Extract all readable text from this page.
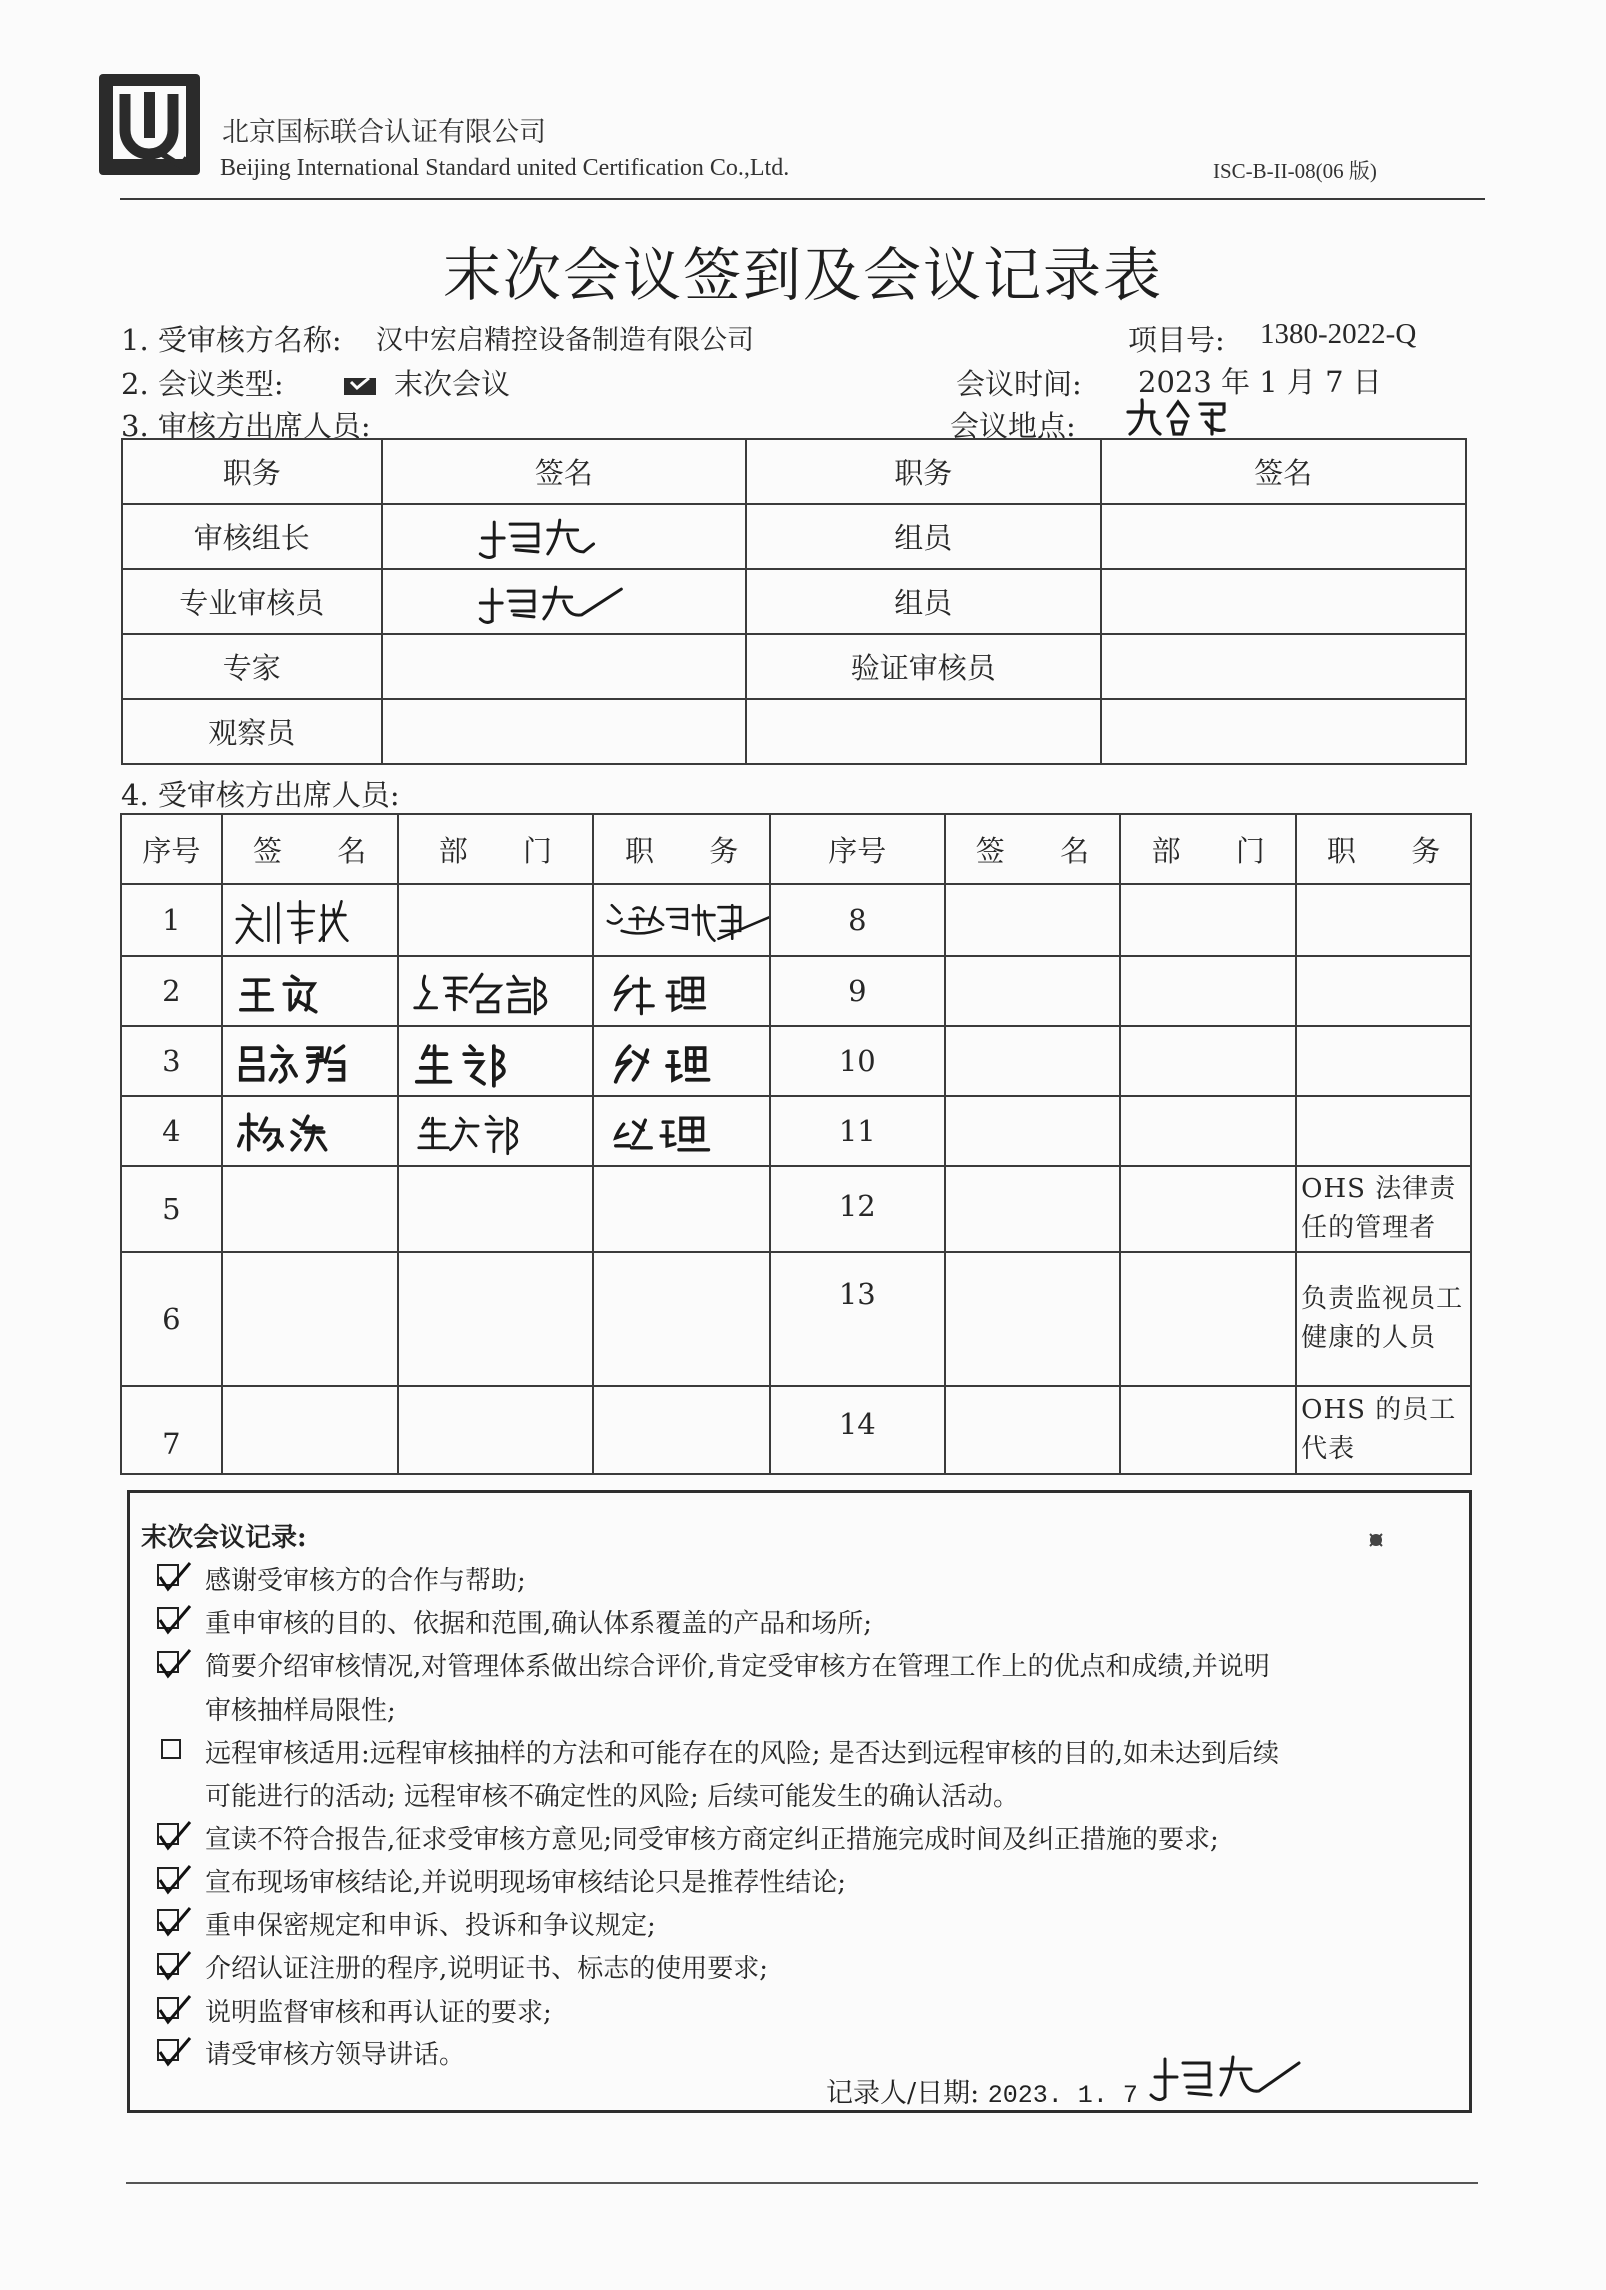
北京国标联合认证有限公司
Beijing International Standard united Certification Co.,Ltd.	ISC-B-II-08(06 版)
末次会议签到及会议记录表
1. 受审核方名称: 汉中宏启精控设备制造有限公司	项目号: 1380-2022-Q
2. 会议类型:	末次会议	会议时间: 2023 年 1 月 7 日
3. 审核方出席人员:	会议地点:
职务	签名	职务	签名
审核组长		组员	
专业审核员		组员	
专家		验证审核员	
观察员			
4. 受审核方出席人员:
序号	签      名	部      门	职      务	序号	签      名	部      门	职      务
1				8			
2				9			
3				10			
4				11			
5				12			OHS 法律责任的管理者
6				13			负责监视员工健康的人员
7				14			OHS 的员工代表
末次会议记录:
感谢受审核方的合作与帮助;
重申审核的目的、依据和范围,确认体系覆盖的产品和场所;
简要介绍审核情况,对管理体系做出综合评价,肯定受审核方在管理工作上的优点和成绩,并说明
审核抽样局限性;
远程审核适用:远程审核抽样的方法和可能存在的风险; 是否达到远程审核的目的,如未达到后续
可能进行的活动; 远程审核不确定性的风险; 后续可能发生的确认活动。
宣读不符合报告,征求受审核方意见;同受审核方商定纠正措施完成时间及纠正措施的要求;
宣布现场审核结论,并说明现场审核结论只是推荐性结论;
重申保密规定和申诉、投诉和争议规定;
介绍认证注册的程序,说明证书、标志的使用要求;
说明监督审核和再认证的要求;
请受审核方领导讲话。
记录人/日期: 2023. 1. 7
